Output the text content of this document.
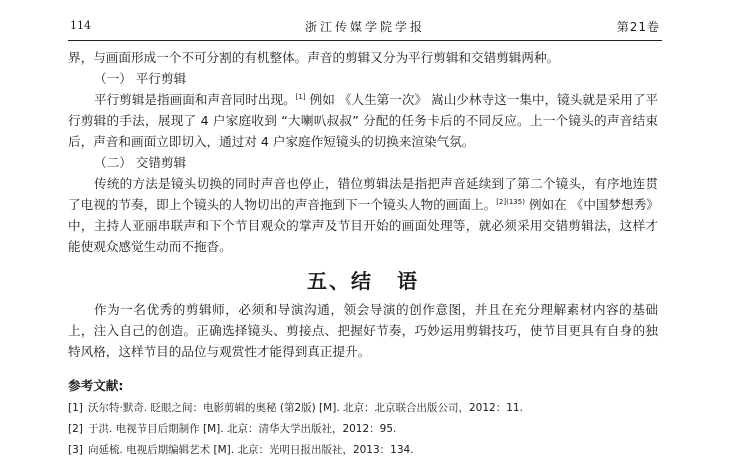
114	浙江传媒学院学报	第21卷
界，与画面形成一个不可分割的有机整体。声音的剪辑又分为平行剪辑和交错剪辑两种。
（一） 平行剪辑
平行剪辑是指画面和声音同时出现。[1] 例如 《人生第一次》 嵩山少林寺这一集中，镜头就是采用了平
行剪辑的手法，展现了 4 户家庭收到 “大喇叭叔叔” 分配的任务卡后的不同反应。上一个镜头的声音结束
后，声音和画面立即切入，通过对 4 户家庭作短镜头的切换来渲染气氛。
（二） 交错剪辑
传统的方法是镜头切换的同时声音也停止，错位剪辑法是指把声音延续到了第二个镜头，有序地连贯
了电视的节奏，即上个镜头的人物切出的声音拖到下一个镜头人物的画面上。$^{[2](135)}$ 例如在 《中国梦想秀》
中，主持人亚丽串联声和下个节目观众的掌声及节目开始的画面处理等，就必须采用交错剪辑法，这样才
能使观众感觉生动而不拖沓。
五、结 语
作为一名优秀的剪辑师，必须和导演沟通，领会导演的创作意图，并且在充分理解素材内容的基础
上，注入自己的创造。正确选择镜头、剪接点、把握好节奏，巧妙运用剪辑技巧，使节目更具有自身的独
特风格，这样节目的品位与观赏性才能得到真正提升。
参考文献:
[1] 沃尔特·默奇. 眨眼之间：电影剪辑的奥秘 (第2版) [M]. 北京：北京联合出版公司，2012：11.
[2] 于洪. 电视节目后期制作 [M]. 北京：清华大学出版社，2012：95.
[3] 向延梳. 电视后期编辑艺术 [M]. 北京：光明日报出版社，2013：134.
